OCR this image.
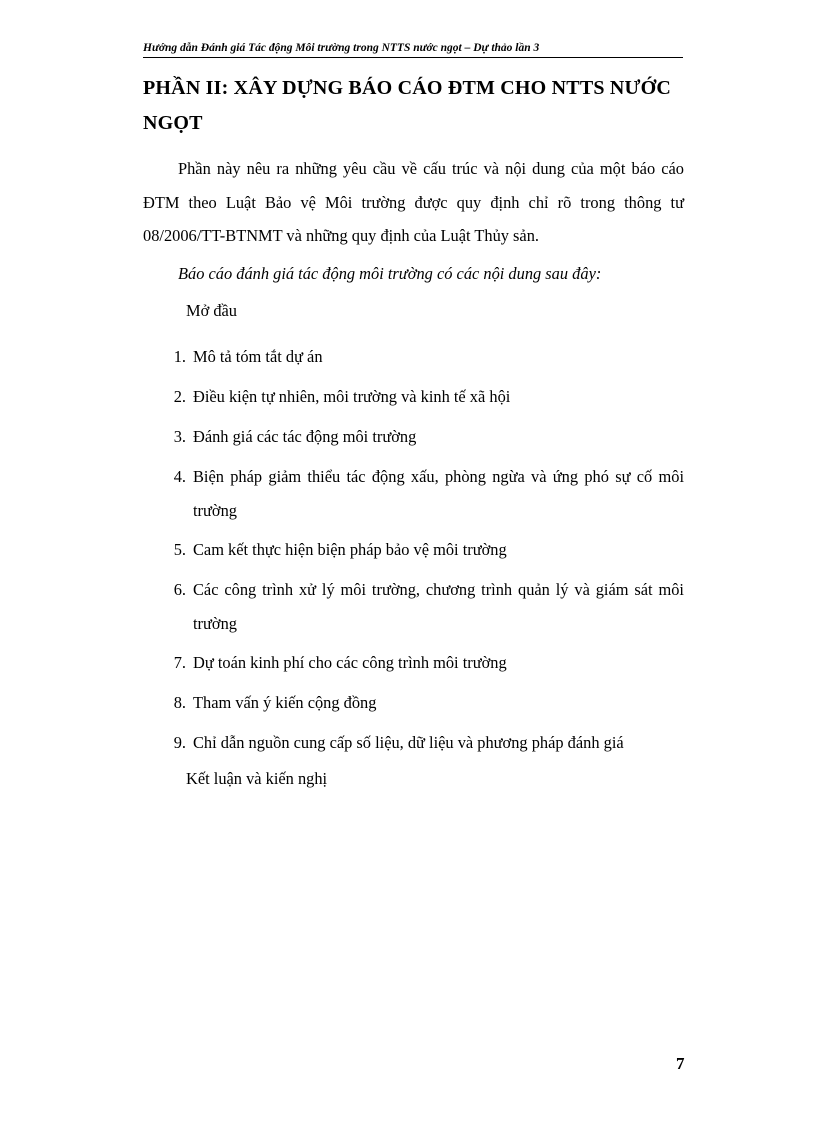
Hướng dẫn Đánh giá Tác động Môi trường trong NTTS nước ngọt – Dự thảo lần 3
PHẦN II: XÂY DỰNG BÁO CÁO ĐTM CHO NTTS NƯỚC NGỌT

Phần này nêu ra những yêu cầu về cấu trúc và nội dung của một báo cáo ĐTM theo Luật Bảo vệ Môi trường được quy định chỉ rõ trong thông tư 08/2006/TT-BTNMT và những quy định của Luật Thủy sản.

Báo cáo đánh giá tác động môi trường có các nội dung sau đây:
Mở đầu
1. Mô tả tóm tắt dự án
2. Điều kiện tự nhiên, môi trường và kinh tế xã hội
3. Đánh giá các tác động môi trường
4. Biện pháp giảm thiểu tác động xấu, phòng ngừa và ứng phó sự cố môi trường
5. Cam kết thực hiện biện pháp bảo vệ môi trường
6. Các công trình xử lý môi trường, chương trình quản lý và giám sát môi trường
7. Dự toán kinh phí cho các công trình môi trường
8. Tham vấn ý kiến cộng đồng
9. Chỉ dẫn nguồn cung cấp số liệu, dữ liệu và phương pháp đánh giá
Kết luận và kiến nghị
7
